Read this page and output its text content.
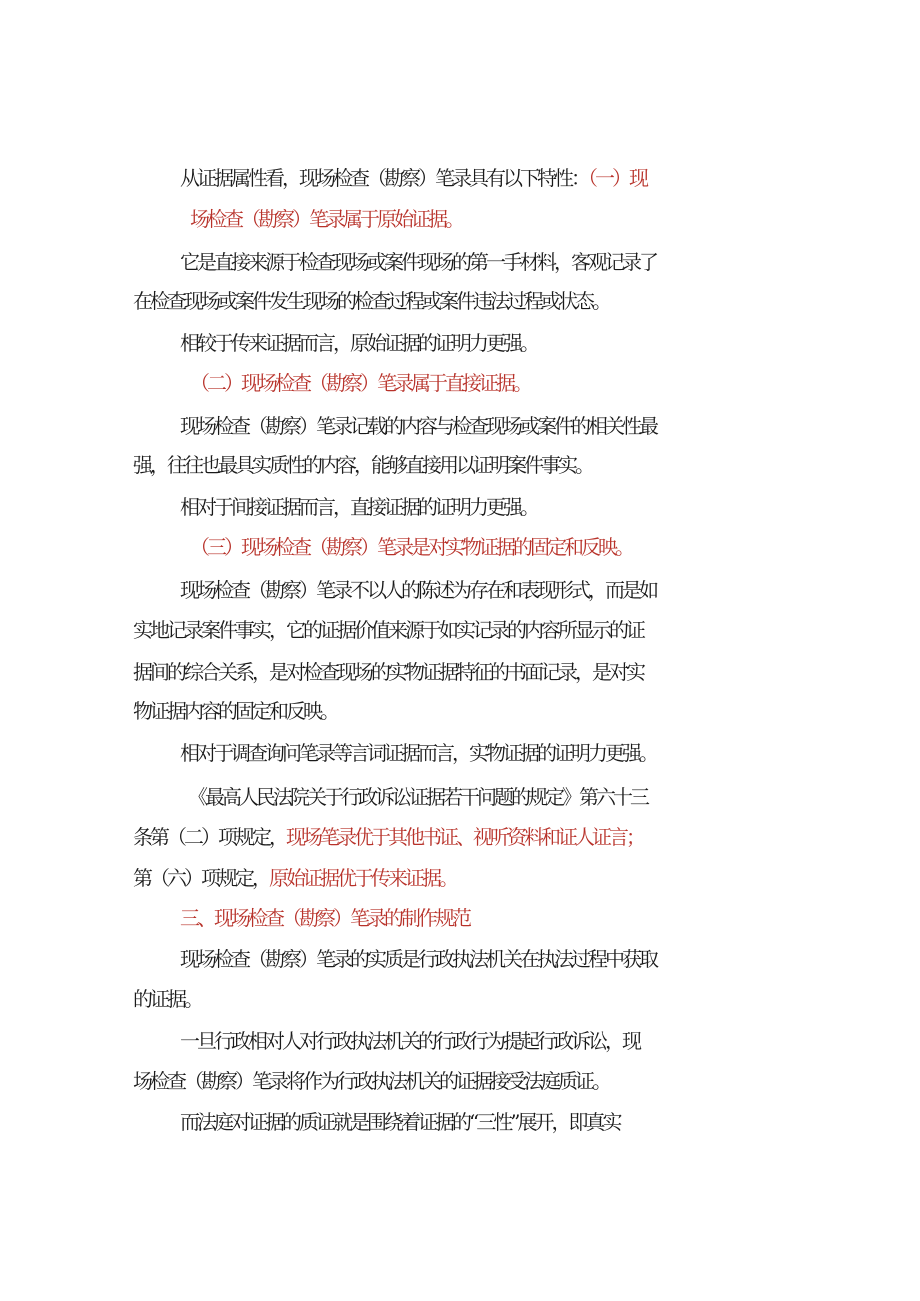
从证据属性看，现场检查（勘察）笔录具有以下特性：（一）现
场检查（勘察）笔录属于原始证据。
它是直接来源于检查现场或案件现场的第一手材料，客观记录了
在检查现场或案件发生现场的检查过程或案件违法过程或状态。
相较于传来证据而言，原始证据的证明力更强。
（二）现场检查（勘察）笔录属于直接证据。
现场检查（勘察）笔录记载的内容与检查现场或案件的相关性最
强，往往也最具实质性的内容，能够直接用以证明案件事实。
相对于间接证据而言，直接证据的证明力更强。
（三）现场检查（勘察）笔录是对实物证据的固定和反映。
现场检查（勘察）笔录不以人的陈述为存在和表现形式，而是如
实地记录案件事实，它的证据价值来源于如实记录的内容所显示的证
据间的综合关系，是对检查现场的实物证据特征的书面记录，是对实
物证据内容的固定和反映。
相对于调查询问笔录等言词证据而言，实物证据的证明力更强。
《最高人民法院关于行政诉讼证据若干问题的规定》第六十三
条第（二）项规定，现场笔录优于其他书证、视听资料和证人证言；
第（六）项规定，原始证据优于传来证据。
三、现场检查（勘察）笔录的制作规范
现场检查（勘察）笔录的实质是行政执法机关在执法过程中获取
的证据。
一旦行政相对人对行政执法机关的行政行为提起行政诉讼，现
场检查（勘察）笔录将作为行政执法机关的证据接受法庭质证。
而法庭对证据的质证就是围绕着证据的“三性”展开，即真实
